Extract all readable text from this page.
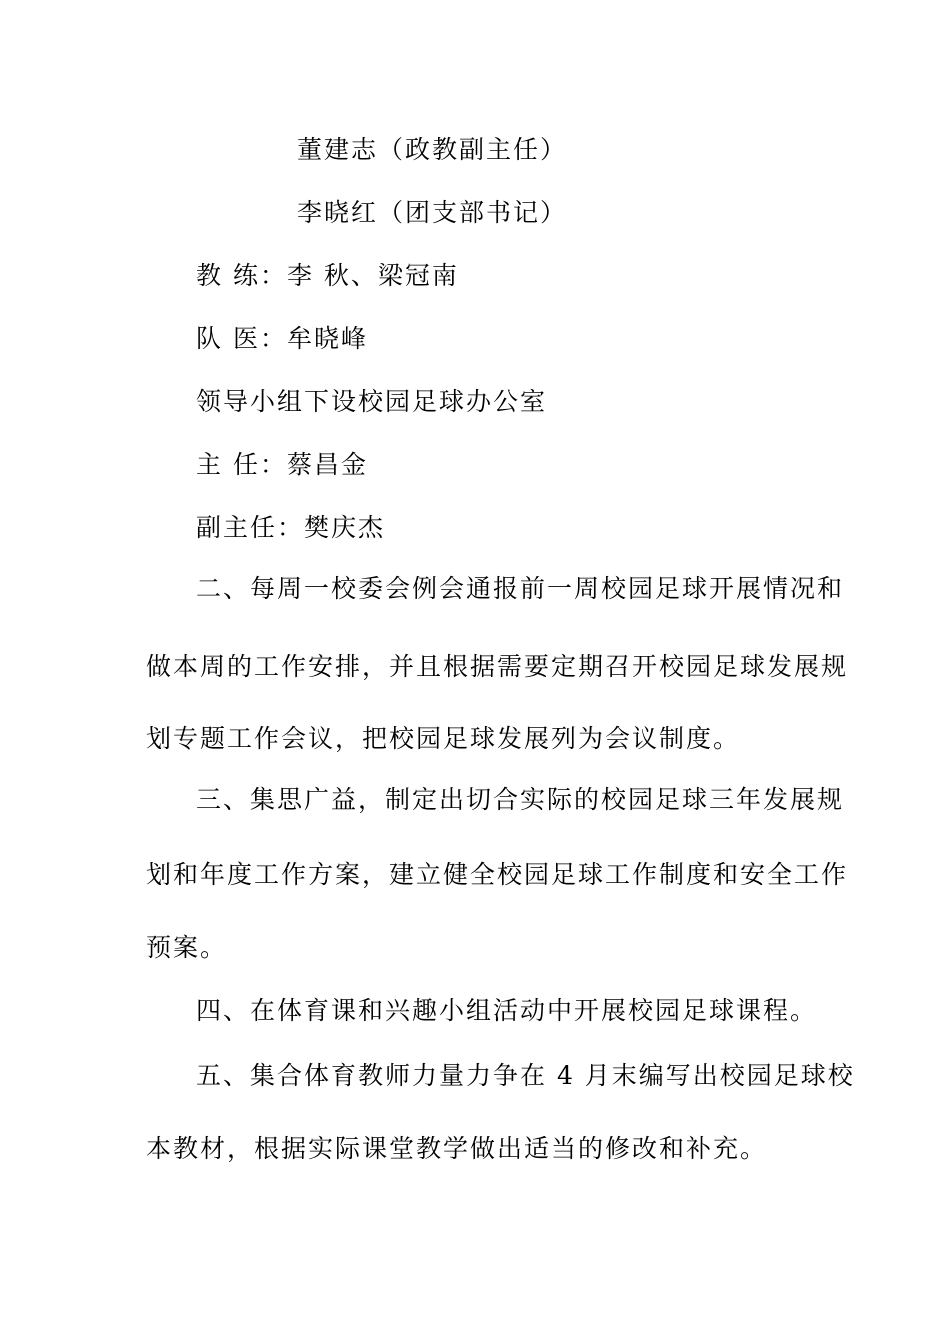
董建志（政教副主任）

李晓红（团支部书记）

教 练：李 秋、梁冠南

队 医：牟晓峰

领导小组下设校园足球办公室

主 任：蔡昌金

副主任：樊庆杰

二、每周一校委会例会通报前一周校园足球开展情况和

做本周的工作安排，并且根据需要定期召开校园足球发展规

划专题工作会议，把校园足球发展列为会议制度。

三、集思广益，制定出切合实际的校园足球三年发展规

划和年度工作方案，建立健全校园足球工作制度和安全工作

预案。

四、在体育课和兴趣小组活动中开展校园足球课程。

五、集合体育教师力量力争在 4 月末编写出校园足球校

本教材，根据实际课堂教学做出适当的修改和补充。
